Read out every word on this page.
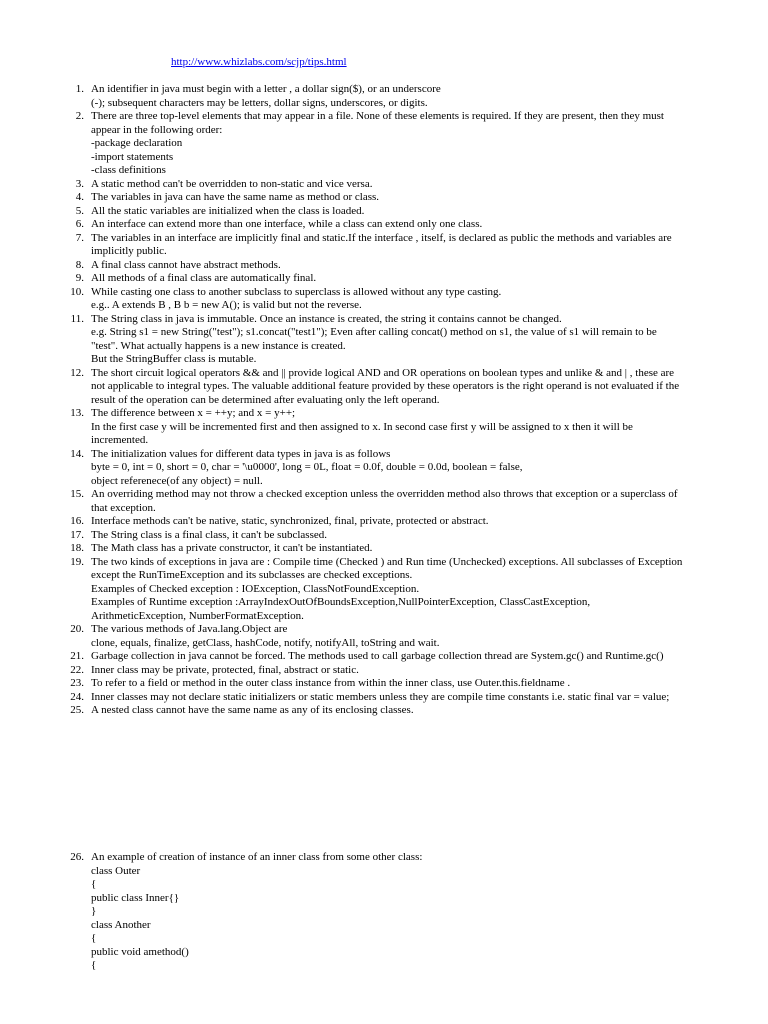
http://www.whizlabs.com/scjp/tips.html
1. An identifier in java must begin with a letter , a dollar sign($), or an underscore
(-); subsequent characters may be letters, dollar signs, underscores, or digits.
2. There are three top-level elements that may appear in a file. None of these elements is required. If they are present, then they must
appear in the following order:
-package declaration
-import statements
-class definitions
3. A static method can't be overridden to non-static and vice versa.
4. The variables in java can have the same name as method or class.
5. All the static variables are initialized when the class is loaded.
6. An interface can extend more than one interface, while a class can extend only one class.
7. The variables in an interface are implicitly final and static.If the interface , itself, is declared as public the methods and variables are
implicitly public.
8. A final class cannot have abstract methods.
9. All methods of a final class are automatically final.
10. While casting one class to another subclass to superclass is allowed without any type casting.
e.g.. A extends B , B b = new A(); is valid but not the reverse.
11. The String class in java is immutable. Once an instance is created, the string it contains cannot be changed.
e.g. String s1 = new String("test"); s1.concat("test1"); Even after calling concat() method on s1, the value of s1 will remain to be
"test". What actually happens is a new instance is created.
But the StringBuffer class is mutable.
12. The short circuit logical operators && and || provide logical AND and OR operations on boolean types and unlike & and | , these are
not applicable to integral types. The valuable additional feature provided by these operators is the right operand is not evaluated if the
result of the operation can be determined after evaluating only the left operand.
13. The difference between x = ++y; and x = y++;
In the first case y will be incremented first and then assigned to x. In second case first y will be assigned to x then it will be
incremented.
14. The initialization values for different data types in java is as follows
byte = 0, int = 0, short = 0, char = '\u0000', long = 0L, float = 0.0f, double = 0.0d, boolean = false,
object referenece(of any object) = null.
15. An overriding method may not throw a checked exception unless the overridden method also throws that exception or a superclass of
that exception.
16. Interface methods can't be native, static, synchronized, final, private, protected or abstract.
17. The String class is a final class, it can't be subclassed.
18. The Math class has a private constructor, it can't be instantiated.
19. The two kinds of exceptions in java are : Compile time (Checked ) and Run time (Unchecked) exceptions. All subclasses of Exception
except the RunTimeException and its subclasses are checked exceptions.
Examples of Checked exception : IOException, ClassNotFoundException.
Examples of Runtime exception :ArrayIndexOutOfBoundsException,NullPointerException, ClassCastException,
ArithmeticException, NumberFormatException.
20. The various methods of Java.lang.Object are
clone, equals, finalize, getClass, hashCode, notify, notifyAll, toString and wait.
21. Garbage collection in java cannot be forced. The methods used to call garbage collection thread are System.gc() and Runtime.gc()
22. Inner class may be private, protected, final, abstract or static.
23. To refer to a field or method in the outer class instance from within the inner class, use Outer.this.fieldname .
24. Inner classes may not declare static initializers or static members unless they are compile time constants i.e. static final var = value;
25. A nested class cannot have the same name as any of its enclosing classes.
26. An example of creation of instance of an inner class from some other class:
class Outer
{
public class Inner{}
}
class Another
{
public void amethod()
{
